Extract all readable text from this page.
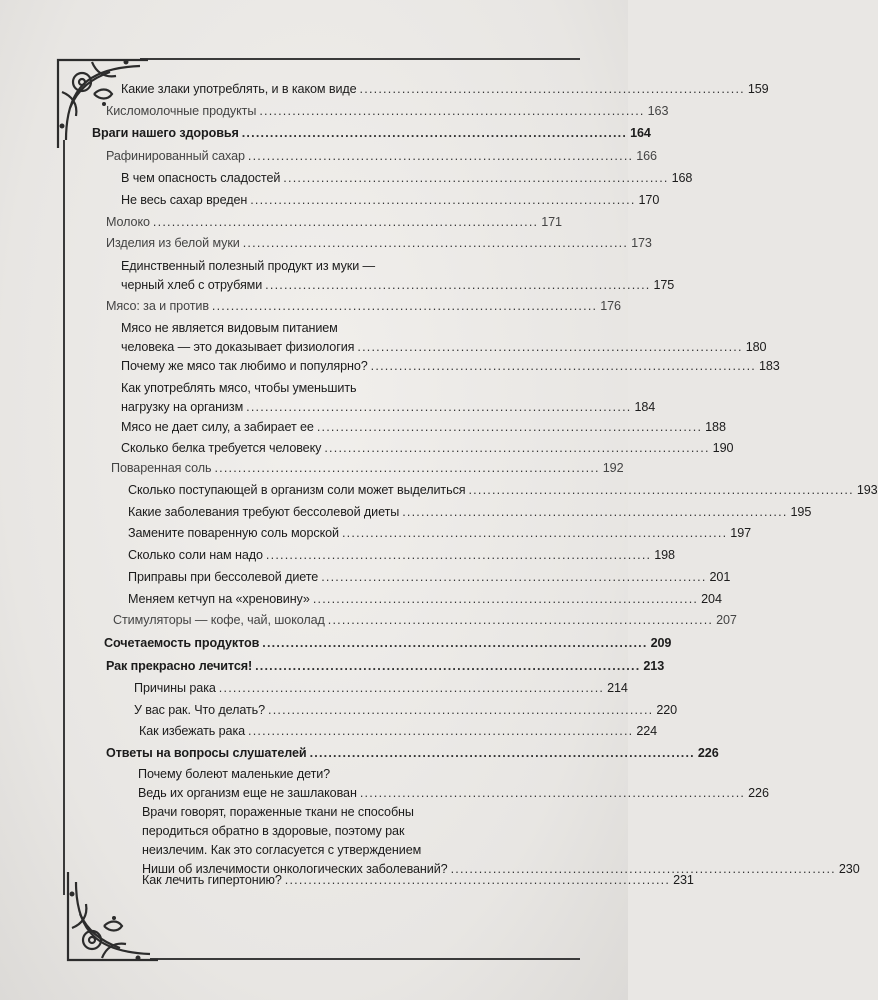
Какие злаки употреблять, и в каком виде .................................................................................. 159
Кисломолочные продукты .................................................................................. 163
Враги нашего здоровья .................................................................................. 164
Рафинированный сахар .................................................................................. 166
В чем опасность сладостей .................................................................................. 168
Не весь сахар вреден .................................................................................. 170
Молоко .................................................................................. 171
Изделия из белой муки .................................................................................. 173
Единственный полезный продукт из муки —
черный хлеб с отрубями .................................................................................. 175
Мясо: за и против .................................................................................. 176
Мясо не является видовым питанием
человека — это доказывает физиология .................................................................................. 180
Почему же мясо так любимо и популярно? .................................................................................. 183
Как употреблять мясо, чтобы уменьшить
нагрузку на организм .................................................................................. 184
Мясо не дает силу, а забирает ее .................................................................................. 188
Сколько белка требуется человеку .................................................................................. 190
Поваренная соль .................................................................................. 192
Сколько поступающей в организм соли может выделиться .................................................................................. 193
Какие заболевания требуют бессолевой диеты .................................................................................. 195
Замените поваренную соль морской .................................................................................. 197
Сколько соли нам надо .................................................................................. 198
Приправы при бессолевой диете .................................................................................. 201
Меняем кетчуп на «хреновину» .................................................................................. 204
Стимуляторы — кофе, чай, шоколад .................................................................................. 207
Сочетаемость продуктов .................................................................................. 209
Рак прекрасно лечится! .................................................................................. 213
Причины рака .................................................................................. 214
У вас рак. Что делать? .................................................................................. 220
Как избежать рака .................................................................................. 224
Ответы на вопросы слушателей .................................................................................. 226
Почему болеют маленькие дети?
Ведь их организм еще не зашлакован .................................................................................. 226
Врачи говорят, пораженные ткани не способны
перодиться обратно в здоровые, поэтому рак
неизлечим. Как это согласуется с утверждением
Ниши об излечимости онкологических заболеваний? .................................................................................. 230
Как лечить гипертонию? .................................................................................. 231
